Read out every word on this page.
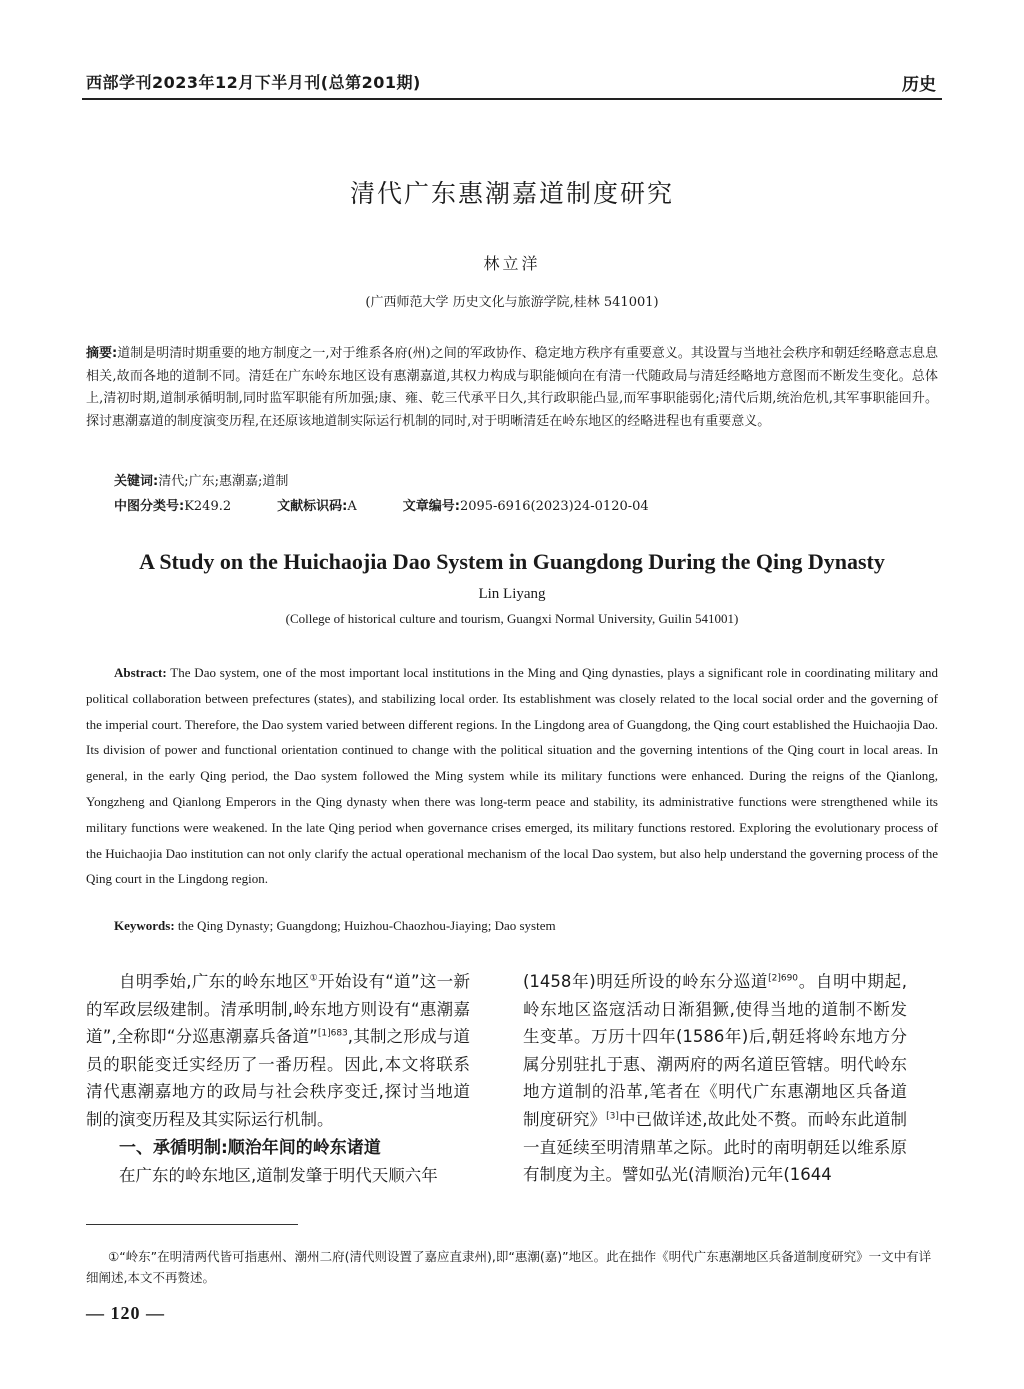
西部学刊2023年12月下半月刊(总第201期)	历史
清代广东惠潮嘉道制度研究
林立洋
(广西师范大学 历史文化与旅游学院,桂林 541001)
摘要:道制是明清时期重要的地方制度之一,对于维系各府(州)之间的军政协作、稳定地方秩序有重要意义。其设置与当地社会秩序和朝廷经略意志息息相关,故而各地的道制不同。清廷在广东岭东地区设有惠潮嘉道,其权力构成与职能倾向在有清一代随政局与清廷经略地方意图而不断发生变化。总体上,清初时期,道制承循明制,同时监军职能有所加强;康、雍、乾三代承平日久,其行政职能凸显,而军事职能弱化;清代后期,统治危机,其军事职能回升。探讨惠潮嘉道的制度演变历程,在还原该地道制实际运行机制的同时,对于明晰清廷在岭东地区的经略进程也有重要意义。
关键词:清代;广东;惠潮嘉;道制
中图分类号:K249.2	文献标识码:A	文章编号:2095-6916(2023)24-0120-04
A Study on the Huichaojia Dao System in Guangdong During the Qing Dynasty
Lin Liyang
(College of historical culture and tourism, Guangxi Normal University, Guilin 541001)
Abstract: The Dao system, one of the most important local institutions in the Ming and Qing dynasties, plays a significant role in coordinating military and political collaboration between prefectures (states), and stabilizing local order. Its establishment was closely related to the local social order and the governing of the imperial court. Therefore, the Dao system varied between different regions. In the Lingdong area of Guangdong, the Qing court established the Huichaojia Dao. Its division of power and functional orientation continued to change with the political situation and the governing intentions of the Qing court in local areas. In general, in the early Qing period, the Dao system followed the Ming system while its military functions were enhanced. During the reigns of the Qianlong, Yongzheng and Qianlong Emperors in the Qing dynasty when there was long-term peace and stability, its administrative functions were strengthened while its military functions were weakened. In the late Qing period when governance crises emerged, its military functions restored. Exploring the evolutionary process of the Huichaojia Dao institution can not only clarify the actual operational mechanism of the local Dao system, but also help understand the governing process of the Qing court in the Lingdong region.
Keywords: the Qing Dynasty; Guangdong; Huizhou-Chaozhou-Jiaying; Dao system

自明季始,广东的岭东地区①开始设有“道”这一新的军政层级建制。清承明制,岭东地方则设有“惠潮嘉道”,全称即“分巡惠潮嘉兵备道”$^{[1]683}$,其制之形成与道员的职能变迁实经历了一番历程。因此,本文将联系清代惠潮嘉地方的政局与社会秩序变迁,探讨当地道制的演变历程及其实际运行机制。

一、承循明制:顺治年间的岭东诸道

在广东的岭东地区,道制发肇于明代天顺六年

(1458年)明廷所设的岭东分巡道$^{[2]690}$。自明中期起,岭东地区盗寇活动日渐猖獗,使得当地的道制不断发生变革。万历十四年(1586年)后,朝廷将岭东地方分属分别驻扎于惠、潮两府的两名道臣管辖。明代岭东地方道制的沿革,笔者在《明代广东惠潮地区兵备道制度研究》[3]中已做详述,故此处不赘。而岭东此道制一直延续至明清鼎革之际。此时的南明朝廷以维系原有制度为主。譬如弘光(清顺治)元年(1644

①“岭东”在明清两代皆可指惠州、潮州二府(清代则设置了嘉应直隶州),即“惠潮(嘉)”地区。此在拙作《明代广东惠潮地区兵备道制度研究》一文中有详细阐述,本文不再赘述。
— 120 —
